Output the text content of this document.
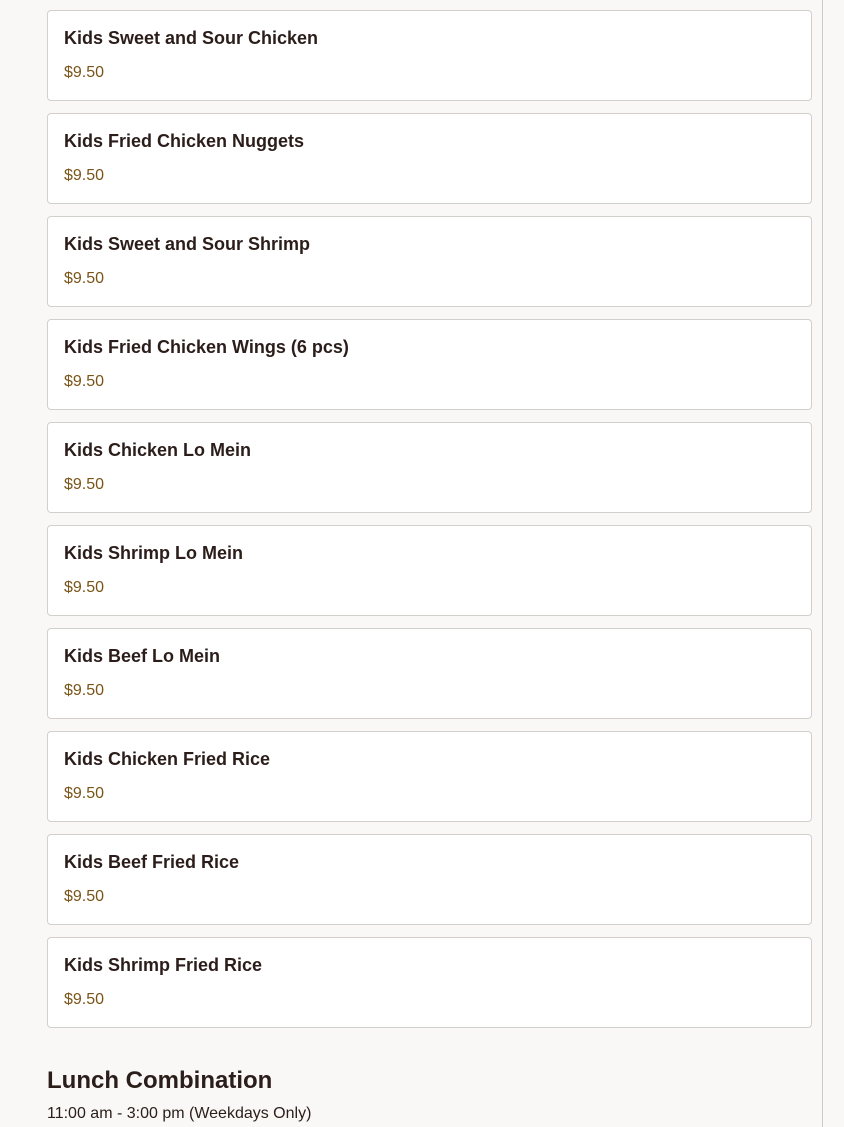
Kids Sweet and Sour Chicken
$9.50
Kids Fried Chicken Nuggets
$9.50
Kids Sweet and Sour Shrimp
$9.50
Kids Fried Chicken Wings (6 pcs)
$9.50
Kids Chicken Lo Mein
$9.50
Kids Shrimp Lo Mein
$9.50
Kids Beef Lo Mein
$9.50
Kids Chicken Fried Rice
$9.50
Kids Beef Fried Rice
$9.50
Kids Shrimp Fried Rice
$9.50
Lunch Combination
11:00 am - 3:00 pm (Weekdays Only)
